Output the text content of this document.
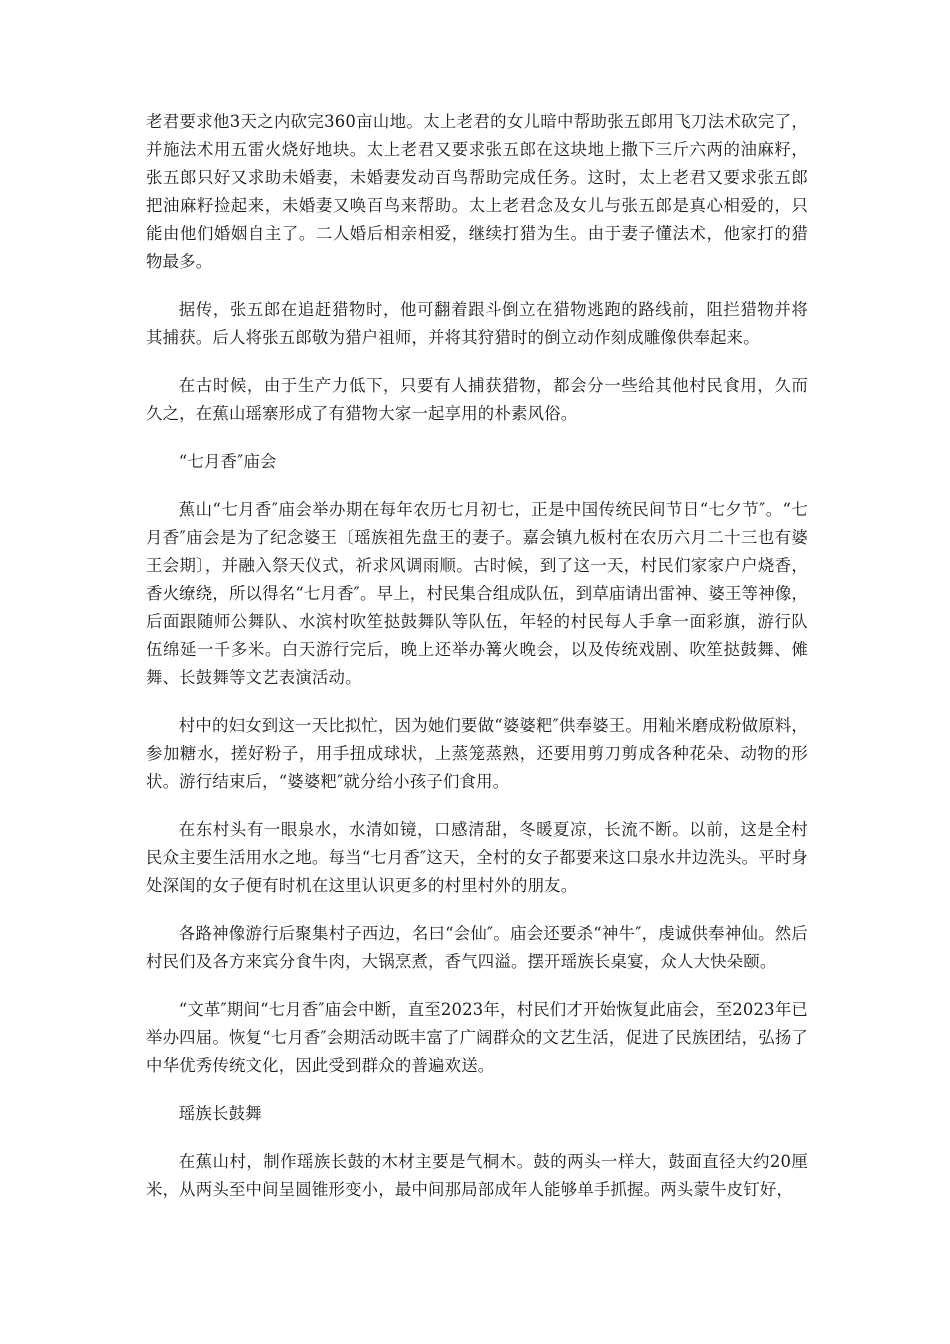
老君要求他3天之内砍完360亩山地。太上老君的女儿暗中帮助张五郎用飞刀法术砍完了，并施法术用五雷火烧好地块。太上老君又要求张五郎在这块地上撒下三斤六两的油麻籽，张五郎只好又求助未婚妻，未婚妻发动百鸟帮助完成任务。这时，太上老君又要求张五郎把油麻籽捡起来，未婚妻又唤百鸟来帮助。太上老君念及女儿与张五郎是真心相爱的，只能由他们婚姻自主了。二人婚后相亲相爱，继续打猎为生。由于妻子懂法术，他家打的猎物最多。

据传，张五郎在追赶猎物时，他可翻着跟斗倒立在猎物逃跑的路线前，阻拦猎物并将其捕获。后人将张五郎敬为猎户祖师，并将其狩猎时的倒立动作刻成雕像供奉起来。

在古时候，由于生产力低下，只要有人捕获猎物，都会分一些给其他村民食用，久而久之，在蕉山瑶寨形成了有猎物大家一起享用的朴素风俗。

“七月香″庙会

蕉山“七月香″庙会举办期在每年农历七月初七，正是中国传统民间节日“七夕节″。“七月香″庙会是为了纪念婆王〔瑶族祖先盘王的妻子。嘉会镇九板村在农历六月二十三也有婆王会期〕，并融入祭天仪式，祈求风调雨顺。古时候，到了这一天，村民们家家户户烧香，香火缭绕，所以得名“七月香″。早上，村民集合组成队伍，到草庙请出雷神、婆王等神像，后面跟随师公舞队、水滨村吹笙挞鼓舞队等队伍，年轻的村民每人手拿一面彩旗，游行队伍绵延一千多米。白天游行完后，晚上还举办篝火晚会，以及传统戏剧、吹笙挞鼓舞、傩舞、长鼓舞等文艺表演活动。

村中的妇女到这一天比拟忙，因为她们要做“婆婆粑″供奉婆王。用籼米磨成粉做原料，参加糖水，搓好粉子，用手扭成球状，上蒸笼蒸熟，还要用剪刀剪成各种花朵、动物的形状。游行结束后，“婆婆粑″就分给小孩子们食用。

在东村头有一眼泉水，水清如镜，口感清甜，冬暖夏凉，长流不断。以前，这是全村民众主要生活用水之地。每当“七月香″这天，全村的女子都要来这口泉水井边洗头。平时身处深闺的女子便有时机在这里认识更多的村里村外的朋友。

各路神像游行后聚集村子西边，名曰“会仙″。庙会还要杀“神牛″，虔诚供奉神仙。然后村民们及各方来宾分食牛肉，大锅烹煮，香气四溢。摆开瑶族长桌宴，众人大快朵颐。

“文革″期间“七月香″庙会中断，直至2023年，村民们才开始恢复此庙会，至2023年已举办四届。恢复“七月香″会期活动既丰富了广阔群众的文艺生活，促进了民族团结，弘扬了中华优秀传统文化，因此受到群众的普遍欢送。

瑶族长鼓舞

在蕉山村，制作瑶族长鼓的木材主要是气桐木。鼓的两头一样大，鼓面直径大约20厘米，从两头至中间呈圆锥形变小，最中间那局部成年人能够单手抓握。两头蒙牛皮钉好，
